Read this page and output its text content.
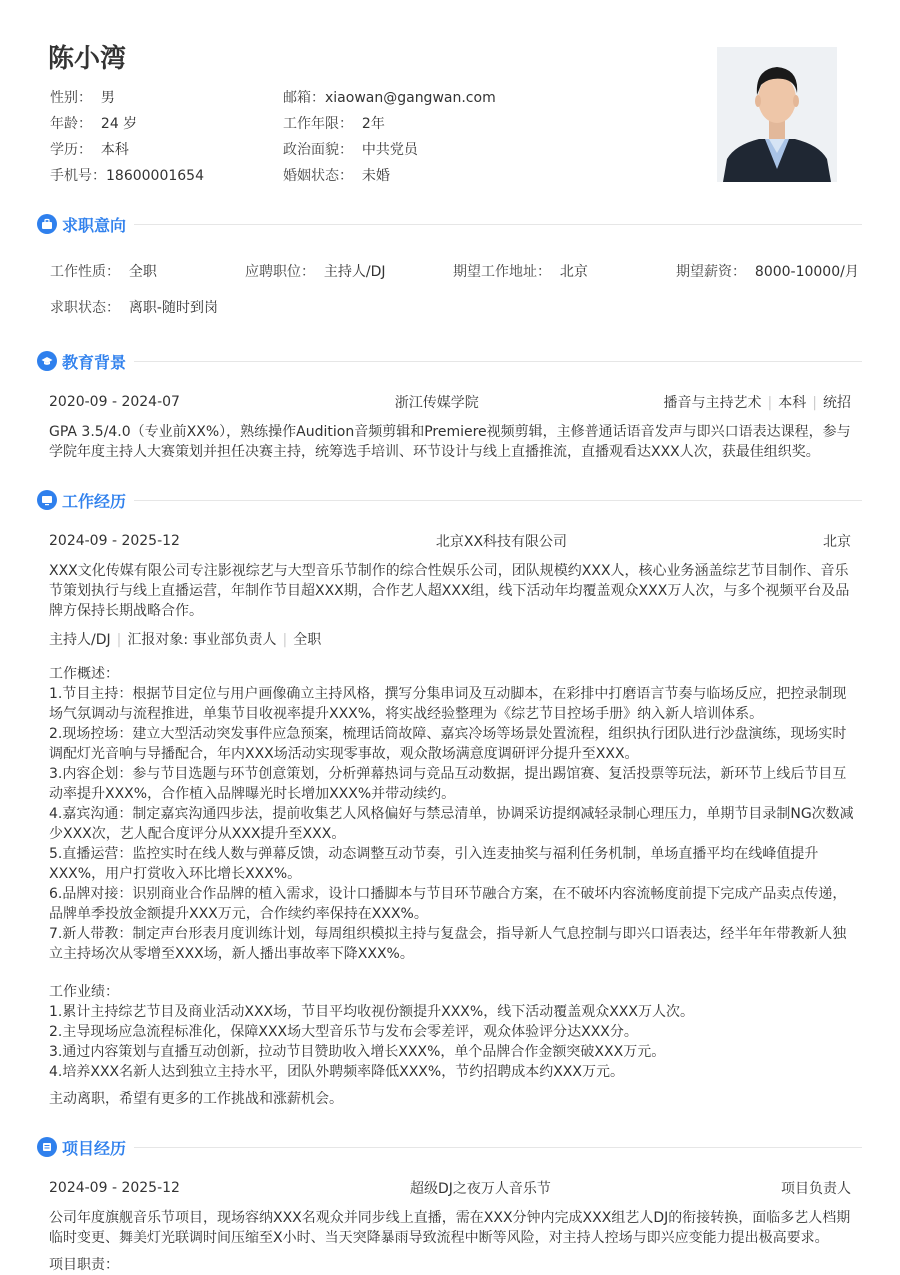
陈小湾
性别： 男
年龄： 24 岁
学历： 本科
手机号：18600001654
邮箱：xiaowan@gangwan.com
工作年限： 2年
政治面貌： 中共党员
婚姻状态： 未婚
求职意向
工作性质： 全职	应聘职位： 主持人/DJ	期望工作地址： 北京	期望薪资： 8000-10000/月
求职状态： 离职-随时到岗
教育背景
2020-09 - 2024-07	浙江传媒学院	播音与主持艺术 | 本科 | 统招
GPA 3.5/4.0（专业前XX%），熟练操作Audition音频剪辑和Premiere视频剪辑，主修普通话语音发声与即兴口语表达课程，参与学院年度主持人大赛策划并担任决赛主持，统筹选手培训、环节设计与线上直播推流，直播观看达XXX人次，获最佳组织奖。
工作经历
2024-09 - 2025-12	北京XX科技有限公司	北京
XXX文化传媒有限公司专注影视综艺与大型音乐节制作的综合性娱乐公司，团队规模约XXX人，核心业务涵盖综艺节目制作、音乐节策划执行与线上直播运营，年制作节目超XXX期，合作艺人超XXX组，线下活动年均覆盖观众XXX万人次，与多个视频平台及品牌方保持长期战略合作。
主持人/DJ | 汇报对象: 事业部负责人 | 全职
工作概述：
1.节目主持：根据节目定位与用户画像确立主持风格，撰写分集串词及互动脚本，在彩排中打磨语言节奏与临场反应，把控录制现场气氛调动与流程推进，单集节目收视率提升XXX%，将实战经验整理为《综艺节目控场手册》纳入新人培训体系。
2.现场控场：建立大型活动突发事件应急预案，梳理话筒故障、嘉宾冷场等场景处置流程，组织执行团队进行沙盘演练，现场实时调配灯光音响与导播配合，年内XXX场活动实现零事故，观众散场满意度调研评分提升至XXX。
3.内容企划：参与节目选题与环节创意策划，分析弹幕热词与竞品互动数据，提出踢馆赛、复活投票等玩法，新环节上线后节目互动率提升XXX%，合作植入品牌曝光时长增加XXX%并带动续约。
4.嘉宾沟通：制定嘉宾沟通四步法，提前收集艺人风格偏好与禁忌清单，协调采访提纲减轻录制心理压力，单期节目录制NG次数减少XXX次，艺人配合度评分从XXX提升至XXX。
5.直播运营：监控实时在线人数与弹幕反馈，动态调整互动节奏，引入连麦抽奖与福利任务机制，单场直播平均在线峰值提升XXX%，用户打赏收入环比增长XXX%。
6.品牌对接：识别商业合作品牌的植入需求，设计口播脚本与节目环节融合方案，在不破坏内容流畅度前提下完成产品卖点传递，品牌单季投放金额提升XXX万元，合作续约率保持在XXX%。
7.新人带教：制定声台形表月度训练计划，每周组织模拟主持与复盘会，指导新人气息控制与即兴口语表达，经半年年带教新人独立主持场次从零增至XXX场，新人播出事故率下降XXX%。
工作业绩：
1.累计主持综艺节目及商业活动XXX场，节目平均收视份额提升XXX%，线下活动覆盖观众XXX万人次。
2.主导现场应急流程标准化，保障XXX场大型音乐节与发布会零差评，观众体验评分达XXX分。
3.通过内容策划与直播互动创新，拉动节目赞助收入增长XXX%，单个品牌合作金额突破XXX万元。
4.培养XXX名新人达到独立主持水平，团队外聘频率降低XXX%，节约招聘成本约XXX万元。
主动离职，希望有更多的工作挑战和涨薪机会。
项目经历
2024-09 - 2025-12	超级DJ之夜万人音乐节	项目负责人
公司年度旗舰音乐节项目，现场容纳XXX名观众并同步线上直播，需在XXX分钟内完成XXX组艺人DJ的衔接转换，面临多艺人档期临时变更、舞美灯光联调时间压缩至X小时、当天突降暴雨导致流程中断等风险，对主持人控场与即兴应变能力提出极高要求。
项目职责：
